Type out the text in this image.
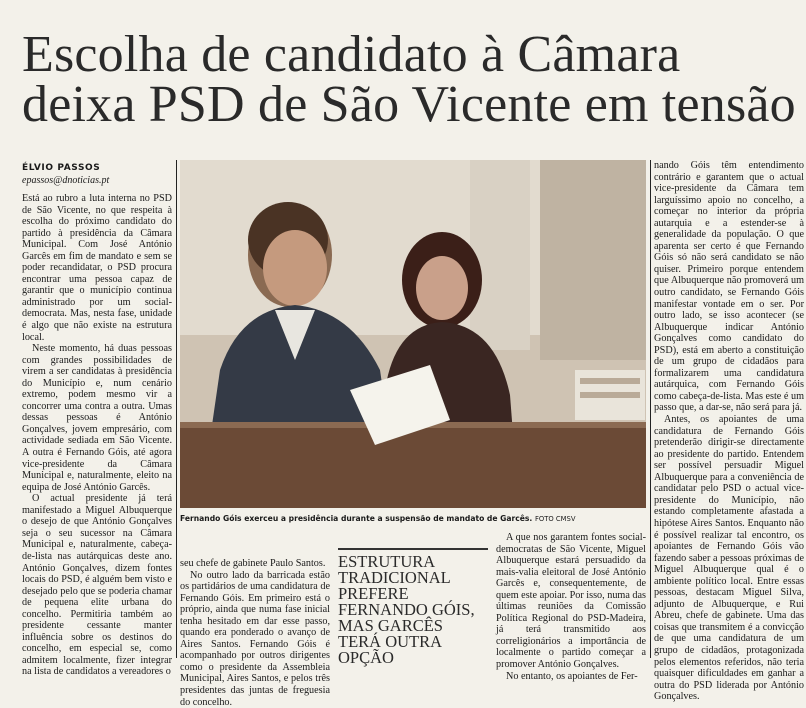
Escolha de candidato à Câmara
deixa PSD de São Vicente em tensão
ÉLVIO PASSOS
epassos@dnoticias.pt

Está ao rubro a luta interna no PSD de São Vicente, no que respeita à escolha do próximo candidato do partido à presidência da Câmara Municipal. Com José António Garcês em fim de mandato e sem se poder recandidatar, o PSD procura encontrar uma pessoa capaz de garantir que o município continua administrado por um social-democrata. Mas, nesta fase, unidade é algo que não existe na estrutura local.

Neste momento, há duas pessoas com grandes possibilidades de virem a ser candidatas à presidência do Município e, num cenário extremo, podem mesmo vir a concorrer uma contra a outra. Umas dessas pessoas é António Gonçalves, jovem empresário, com actividade sediada em São Vicente. A outra é Fernando Góis, até agora vice-presidente da Câmara Municipal e, naturalmente, eleito na equipa de José António Garcês.

O actual presidente já terá manifestado a Miguel Albuquerque o desejo de que António Gonçalves seja o seu sucessor na Câmara Municipal e, naturalmente, cabeça-de-lista nas autárquicas deste ano. António Gonçalves, dizem fontes locais do PSD, é alguém bem visto e desejado pelo que se poderia chamar de pequena elite urbana do concelho. Permitiria também ao presidente cessante manter influência sobre os destinos do concelho, em especial se, como admitem localmente, fizer integrar na lista de candidatos a vereadores o

Fernando Góis exerceu a presidência durante a suspensão de mandato de Garcês. FOTO CMSV

seu chefe de gabinete Paulo Santos.

No outro lado da barricada estão os partidários de uma candidatura de Fernando Góis. Em primeiro está o próprio, ainda que numa fase inicial tenha hesitado em dar esse passo, quando era ponderado o avanço de Aires Santos. Fernando Góis é acompanhado por outros dirigentes como o presidente da Assembleia Municipal, Aires Santos, e pelos três presidentes das juntas de freguesia do concelho.

ESTRUTURA TRADICIONAL PREFERE FERNANDO GÓIS, MAS GARCÊS TERÁ OUTRA OPÇÃO

A que nos garantem fontes social-democratas de São Vicente, Miguel Albuquerque estará persuadido da mais-valia eleitoral de José António Garcês e, consequentemente, de quem este apoiar. Por isso, numa das últimas reuniões da Comissão Política Regional do PSD-Madeira, já terá transmitido aos correligionários a importância de localmente o partido começar a promover António Gonçalves.

No entanto, os apoiantes de Fer-

nando Góis têm entendimento contrário e garantem que o actual vice-presidente da Câmara tem larguíssimo apoio no concelho, a começar no interior da própria autarquia e a estender-se à generalidade da população. O que aparenta ser certo é que Fernando Góis só não será candidato se não quiser. Primeiro porque entendem que Albuquerque não promoverá um outro candidato, se Fernando Góis manifestar vontade em o ser. Por outro lado, se isso acontecer (se Albuquerque indicar António Gonçalves como candidato do PSD), está em aberto a constituição de um grupo de cidadãos para formalizarem uma candidatura autárquica, com Fernando Góis como cabeça-de-lista. Mas este é um passo que, a dar-se, não será para já.

Antes, os apoiantes de uma candidatura de Fernando Góis pretenderão dirigir-se directamente ao presidente do partido. Entendem ser possível persuadir Miguel Albuquerque para a conveniência de candidatar pelo PSD o actual vice-presidente do Município, não estando completamente afastada a hipótese Aires Santos. Enquanto não é possível realizar tal encontro, os apoiantes de Fernando Góis vão fazendo saber a pessoas próximas de Miguel Albuquerque qual é o ambiente político local. Entre essas pessoas, destacam Miguel Silva, adjunto de Albuquerque, e Rui Abreu, chefe de gabinete. Uma das coisas que transmitem é a convicção de que uma candidatura de um grupo de cidadãos, protagonizada pelos elementos referidos, não teria quaisquer dificuldades em ganhar a outra do PSD liderada por António Gonçalves.
